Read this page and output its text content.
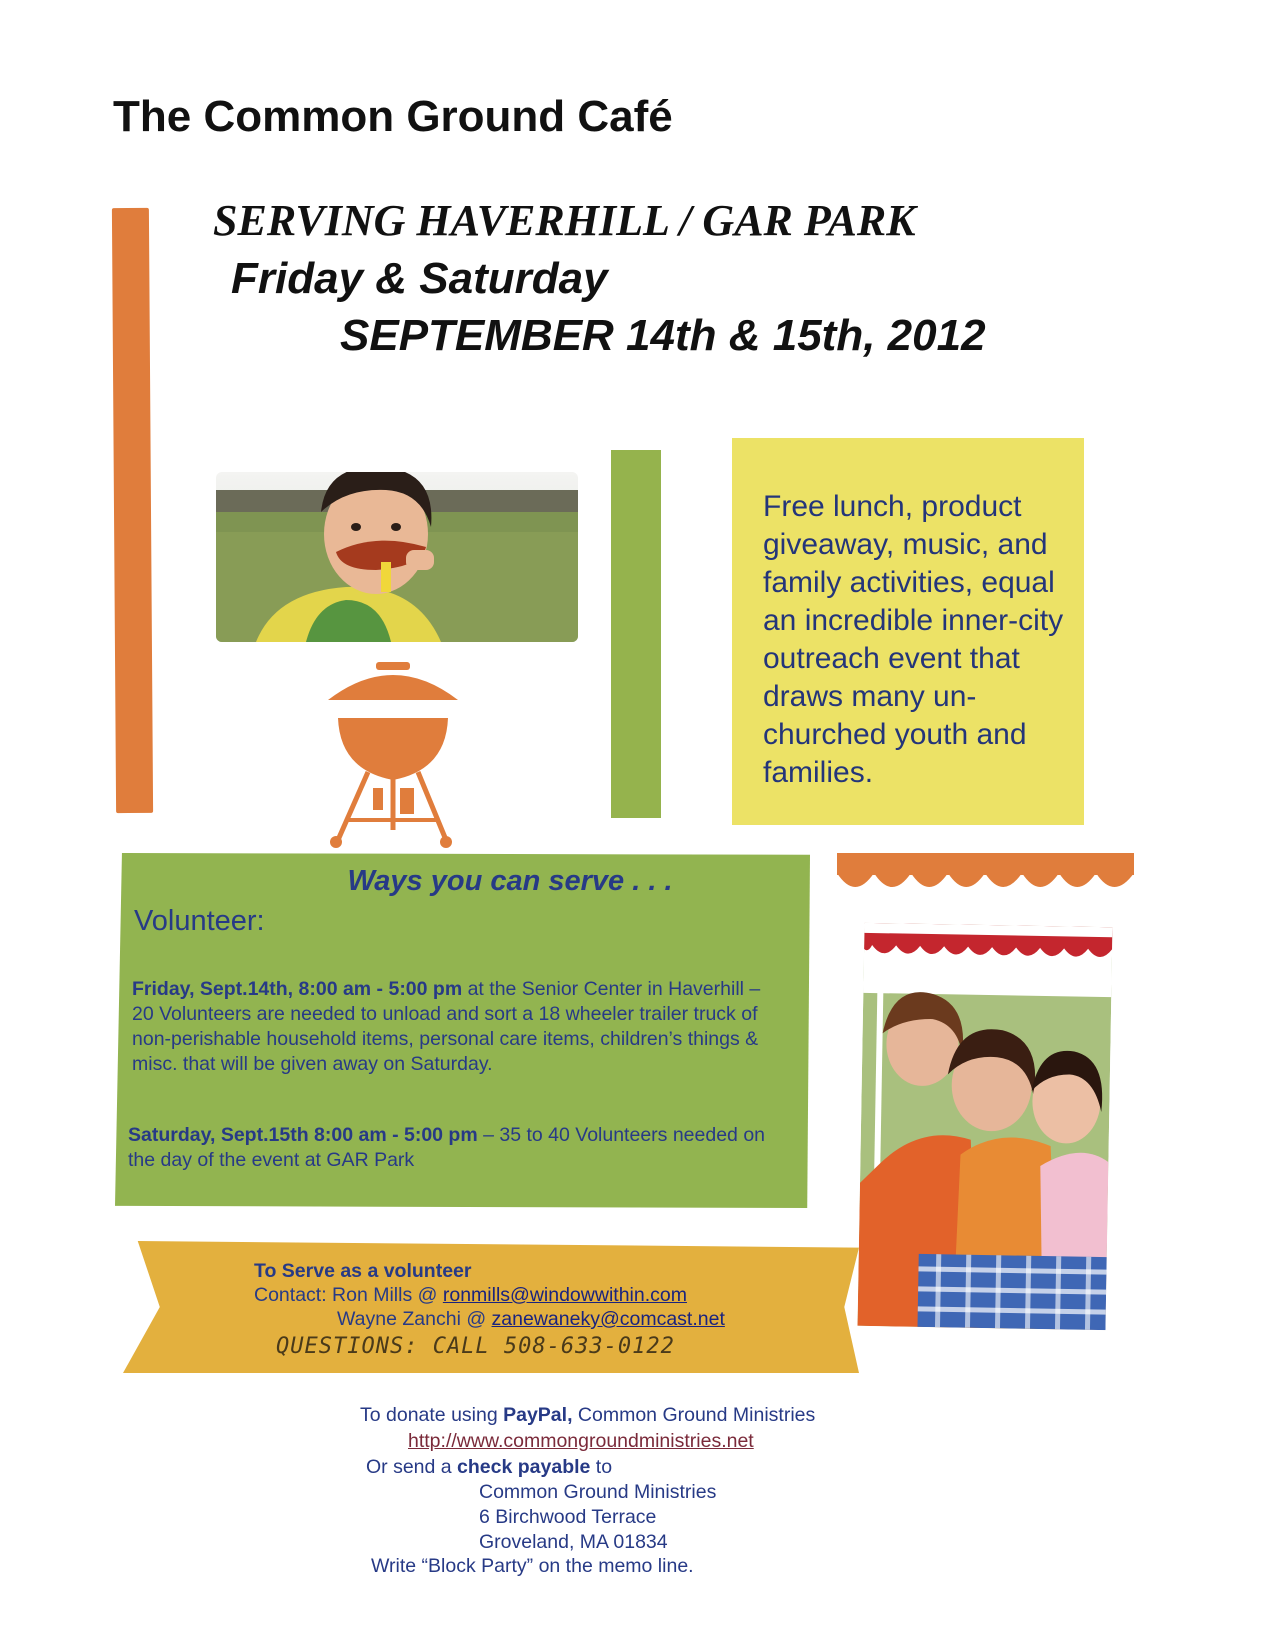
The Common Ground Café
SERVING HAVERHILL / GAR PARK
Friday & Saturday
SEPTEMBER 14th & 15th, 2012
Free lunch, product giveaway, music, and family activities, equal an incredible inner-city outreach event that draws many un-churched youth and families.
Ways you can serve . . .
Volunteer:
Friday, Sept.14th, 8:00 am - 5:00 pm at the Senior Center in Haverhill – 20 Volunteers are needed to unload and sort a 18 wheeler trailer truck of non-perishable household items, personal care items, children’s things & misc. that will be given away on Saturday.
Saturday, Sept.15th 8:00 am - 5:00 pm – 35 to 40 Volunteers needed on the day of the event at GAR Park
To Serve as a volunteer
Contact: Ron Mills @ ronmills@windowwithin.com
Wayne Zanchi @ zanewaneky@comcast.net
QUESTIONS: CALL 508-633-0122
To donate using PayPal, Common Ground Ministries
http://www.commongroundministries.net
Or send a check payable to
Common Ground Ministries
6 Birchwood Terrace
Groveland, MA 01834
Write “Block Party” on the memo line.
